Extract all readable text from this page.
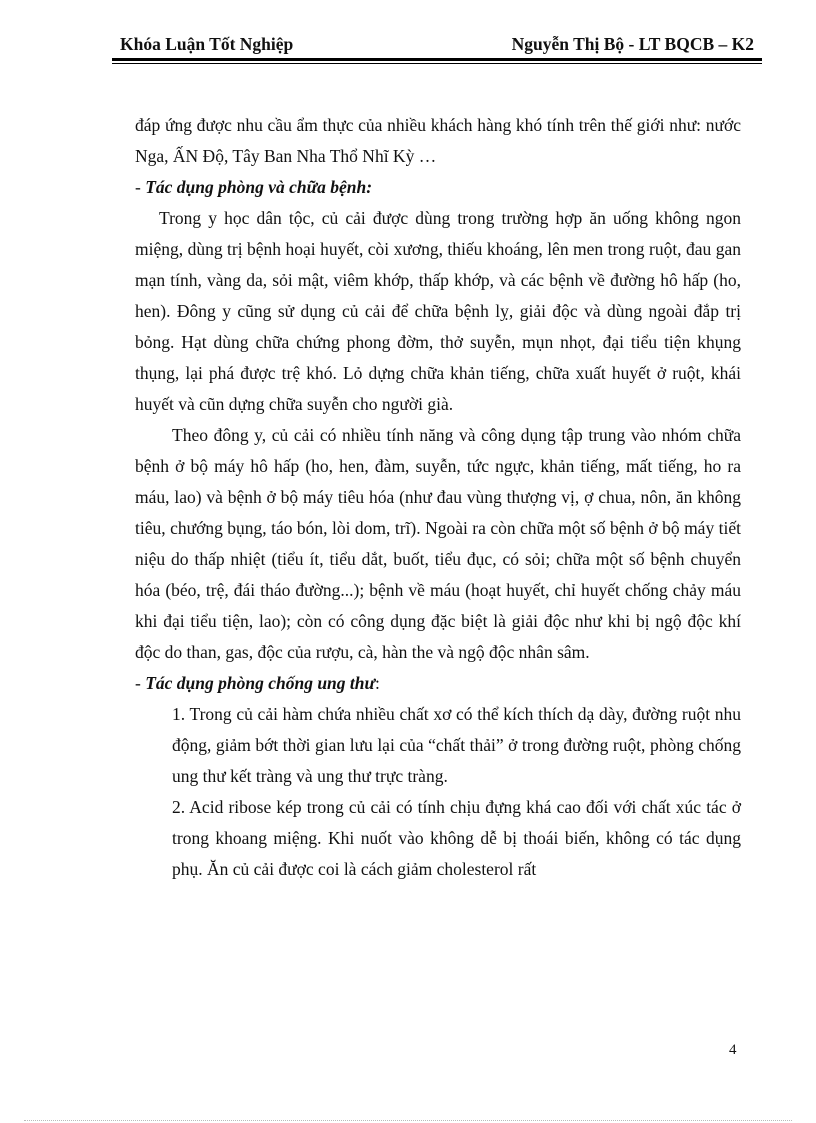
Khóa Luận Tốt Nghiệp	Nguyễn Thị Bộ - LT BQCB – K2

đáp ứng được nhu cầu ẩm thực của nhiều khách hàng khó tính trên thế giới như: nước Nga, ẤN Độ, Tây Ban Nha Thổ Nhĩ Kỳ …

- Tác dụng phòng và chữa bệnh:

Trong y học dân tộc, củ cải được dùng trong trường hợp ăn uống không ngon miệng, dùng trị bệnh hoại huyết, còi xương, thiếu khoáng, lên men trong ruột, đau gan mạn tính, vàng da, sỏi mật, viêm khớp, thấp khớp, và các bệnh về đường hô hấp (ho, hen). Đông y cũng sử dụng củ cải để chữa bệnh lỵ, giải độc và dùng ngoài đắp trị bỏng. Hạt dùng chữa chứng phong đờm, thở suyễn, mụn nhọt, đại tiểu tiện khụng thụng, lại phá được trệ khó. Lỏ dựng chữa khản tiếng, chữa xuất huyết ở ruột, khái huyết và cũn dựng chữa suyễn cho người già.

Theo đông y, củ cải có nhiều tính năng và công dụng tập trung vào nhóm chữa bệnh ở bộ máy hô hấp (ho, hen, đàm, suyễn, tức ngực, khản tiếng, mất tiếng, ho ra máu, lao) và bệnh ở bộ máy tiêu hóa (như đau vùng thượng vị, ợ chua, nôn, ăn không tiêu, chướng bụng, táo bón, lòi dom, trĩ). Ngoài ra còn chữa một số bệnh ở bộ máy tiết niệu do thấp nhiệt (tiểu ít, tiểu dắt, buốt, tiểu đục, có sỏi; chữa một số bệnh chuyển hóa (béo, trệ, đái tháo đường...); bệnh về máu (hoạt huyết, chỉ huyết chống chảy máu khi đại tiểu tiện, lao); còn có công dụng đặc biệt là giải độc như khi bị ngộ độc khí độc do than, gas, độc của rượu, cà, hàn the và ngộ độc nhân sâm.

- Tác dụng phòng chống ung thư:

1. Trong củ cải hàm chứa nhiều chất xơ có thể kích thích dạ dày, đường ruột nhu động, giảm bớt thời gian lưu lại của “chất thải” ở trong đường ruột, phòng chống ung thư kết tràng và ung thư trực tràng.

2. Acid ribose kép trong củ cải có tính chịu đựng khá cao đối với chất xúc tác ở trong khoang miệng. Khi nuốt vào không dễ bị thoái biến, không có tác dụng phụ. Ăn củ cải được coi là cách giảm cholesterol rất

4
